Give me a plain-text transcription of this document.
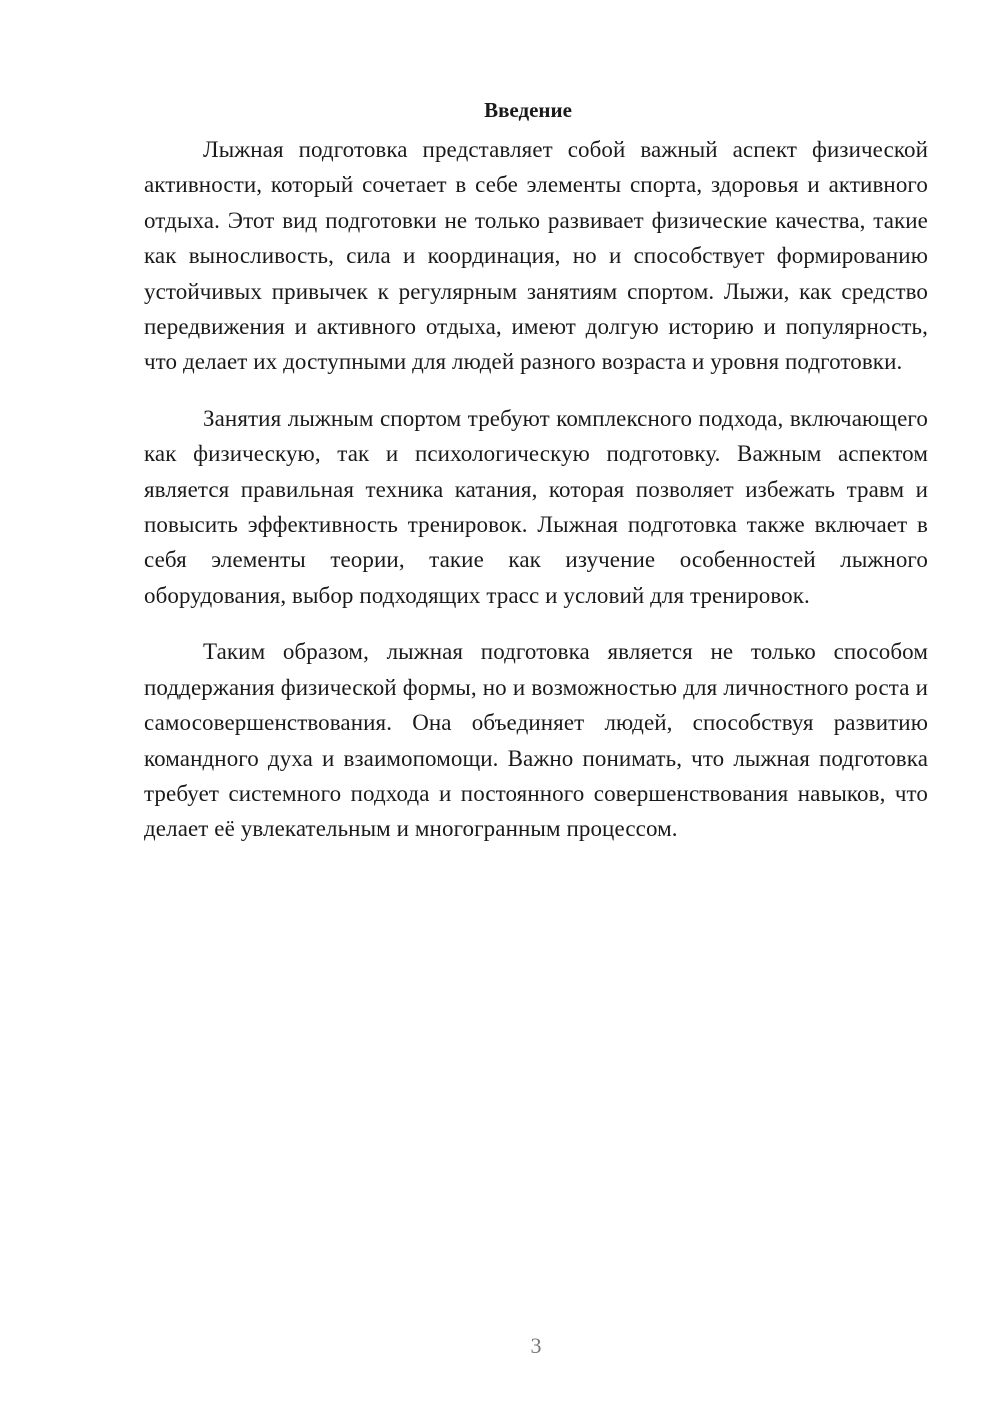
Введение

Лыжная подготовка представляет собой важный аспект физической активности, который сочетает в себе элементы спорта, здоровья и активного отдыха. Этот вид подготовки не только развивает физические качества, такие как выносливость, сила и координация, но и способствует формированию устойчивых привычек к регулярным занятиям спортом. Лыжи, как средство передвижения и активного отдыха, имеют долгую историю и популярность, что делает их доступными для людей разного возраста и уровня подготовки.

Занятия лыжным спортом требуют комплексного подхода, включающего как физическую, так и психологическую подготовку. Важным аспектом является правильная техника катания, которая позволяет избежать травм и повысить эффективность тренировок. Лыжная подготовка также включает в себя элементы теории, такие как изучение особенностей лыжного оборудования, выбор подходящих трасс и условий для тренировок.

Таким образом, лыжная подготовка является не только способом поддержания физической формы, но и возможностью для личностного роста и самосовершенствования. Она объединяет людей, способствуя развитию командного духа и взаимопомощи. Важно понимать, что лыжная подготовка требует системного подхода и постоянного совершенствования навыков, что делает её увлекательным и многогранным процессом.

3
